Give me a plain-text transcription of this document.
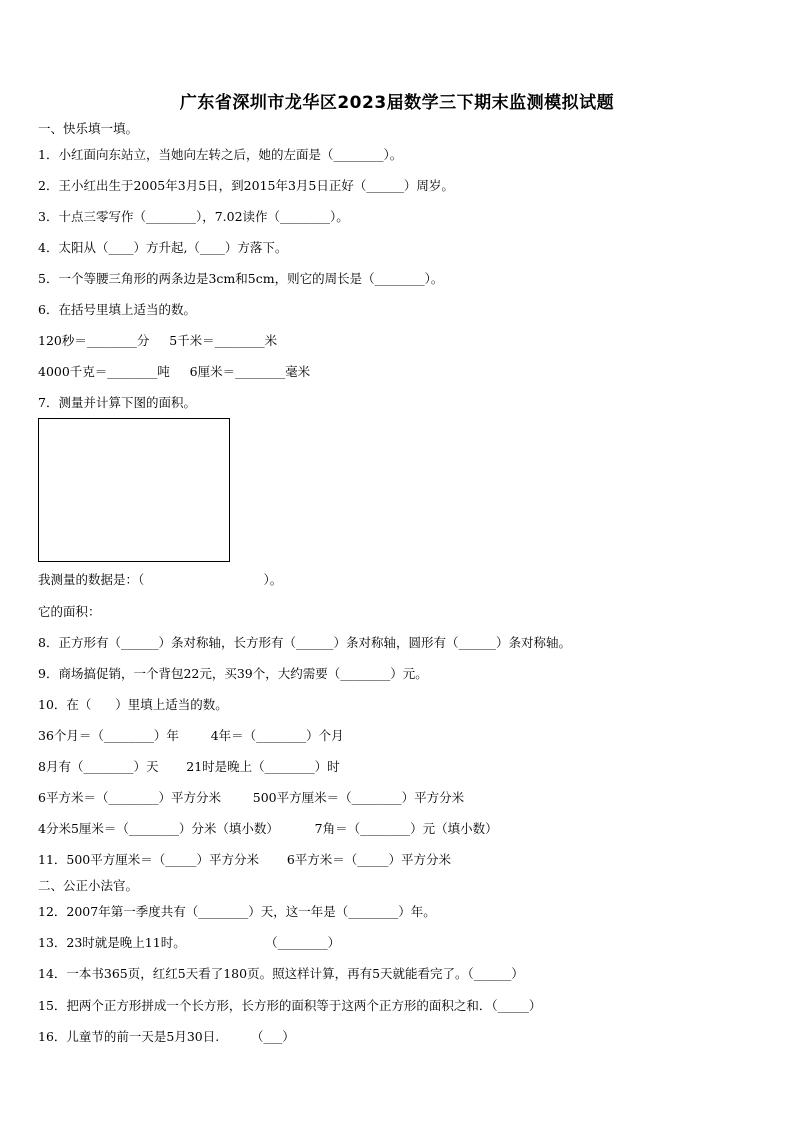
广东省深圳市龙华区2023届数学三下期末监测模拟试题
一、快乐填一填。
1．小红面向东站立，当她向左转之后，她的左面是（________）。
2．王小红出生于2005年3月5日，到2015年3月5日正好（______）周岁。
3．十点三零写作（________），7.02读作（________）。
4．太阳从（____）方升起,（____）方落下。
5．一个等腰三角形的两条边是3cm和5cm，则它的周长是（________）。
6．在括号里填上适当的数。
120秒＝________分     5千米＝________米
4000千克＝________吨     6厘米＝________毫米
7．测量并计算下图的面积。
我测量的数据是：（                              ）。
它的面积：
8．正方形有（______）条对称轴，长方形有（______）条对称轴，圆形有（______）条对称轴。
9．商场搞促销，一个背包22元，买39个，大约需要（________）元。
10．在（      ）里填上适当的数。
36个月＝（________）年        4年＝（________）个月
8月有（________）天       21时是晚上（________）时
6平方米＝（________）平方分米        500平方厘米＝（________）平方分米
4分米5厘米＝（________）分米（填小数）         7角＝（________）元（填小数）
11．500平方厘米＝（_____）平方分米       6平方米＝（_____）平方分米
二、公正小法官。
12．2007年第一季度共有（________）天，这一年是（________）年。
13．23时就是晚上11时。                    （________）
14．一本书365页，红红5天看了180页。照这样计算，再有5天就能看完了。（______）
15．把两个正方形拼成一个长方形，长方形的面积等于这两个正方形的面积之和．（_____）
16．儿童节的前一天是5月30日.        （___）
